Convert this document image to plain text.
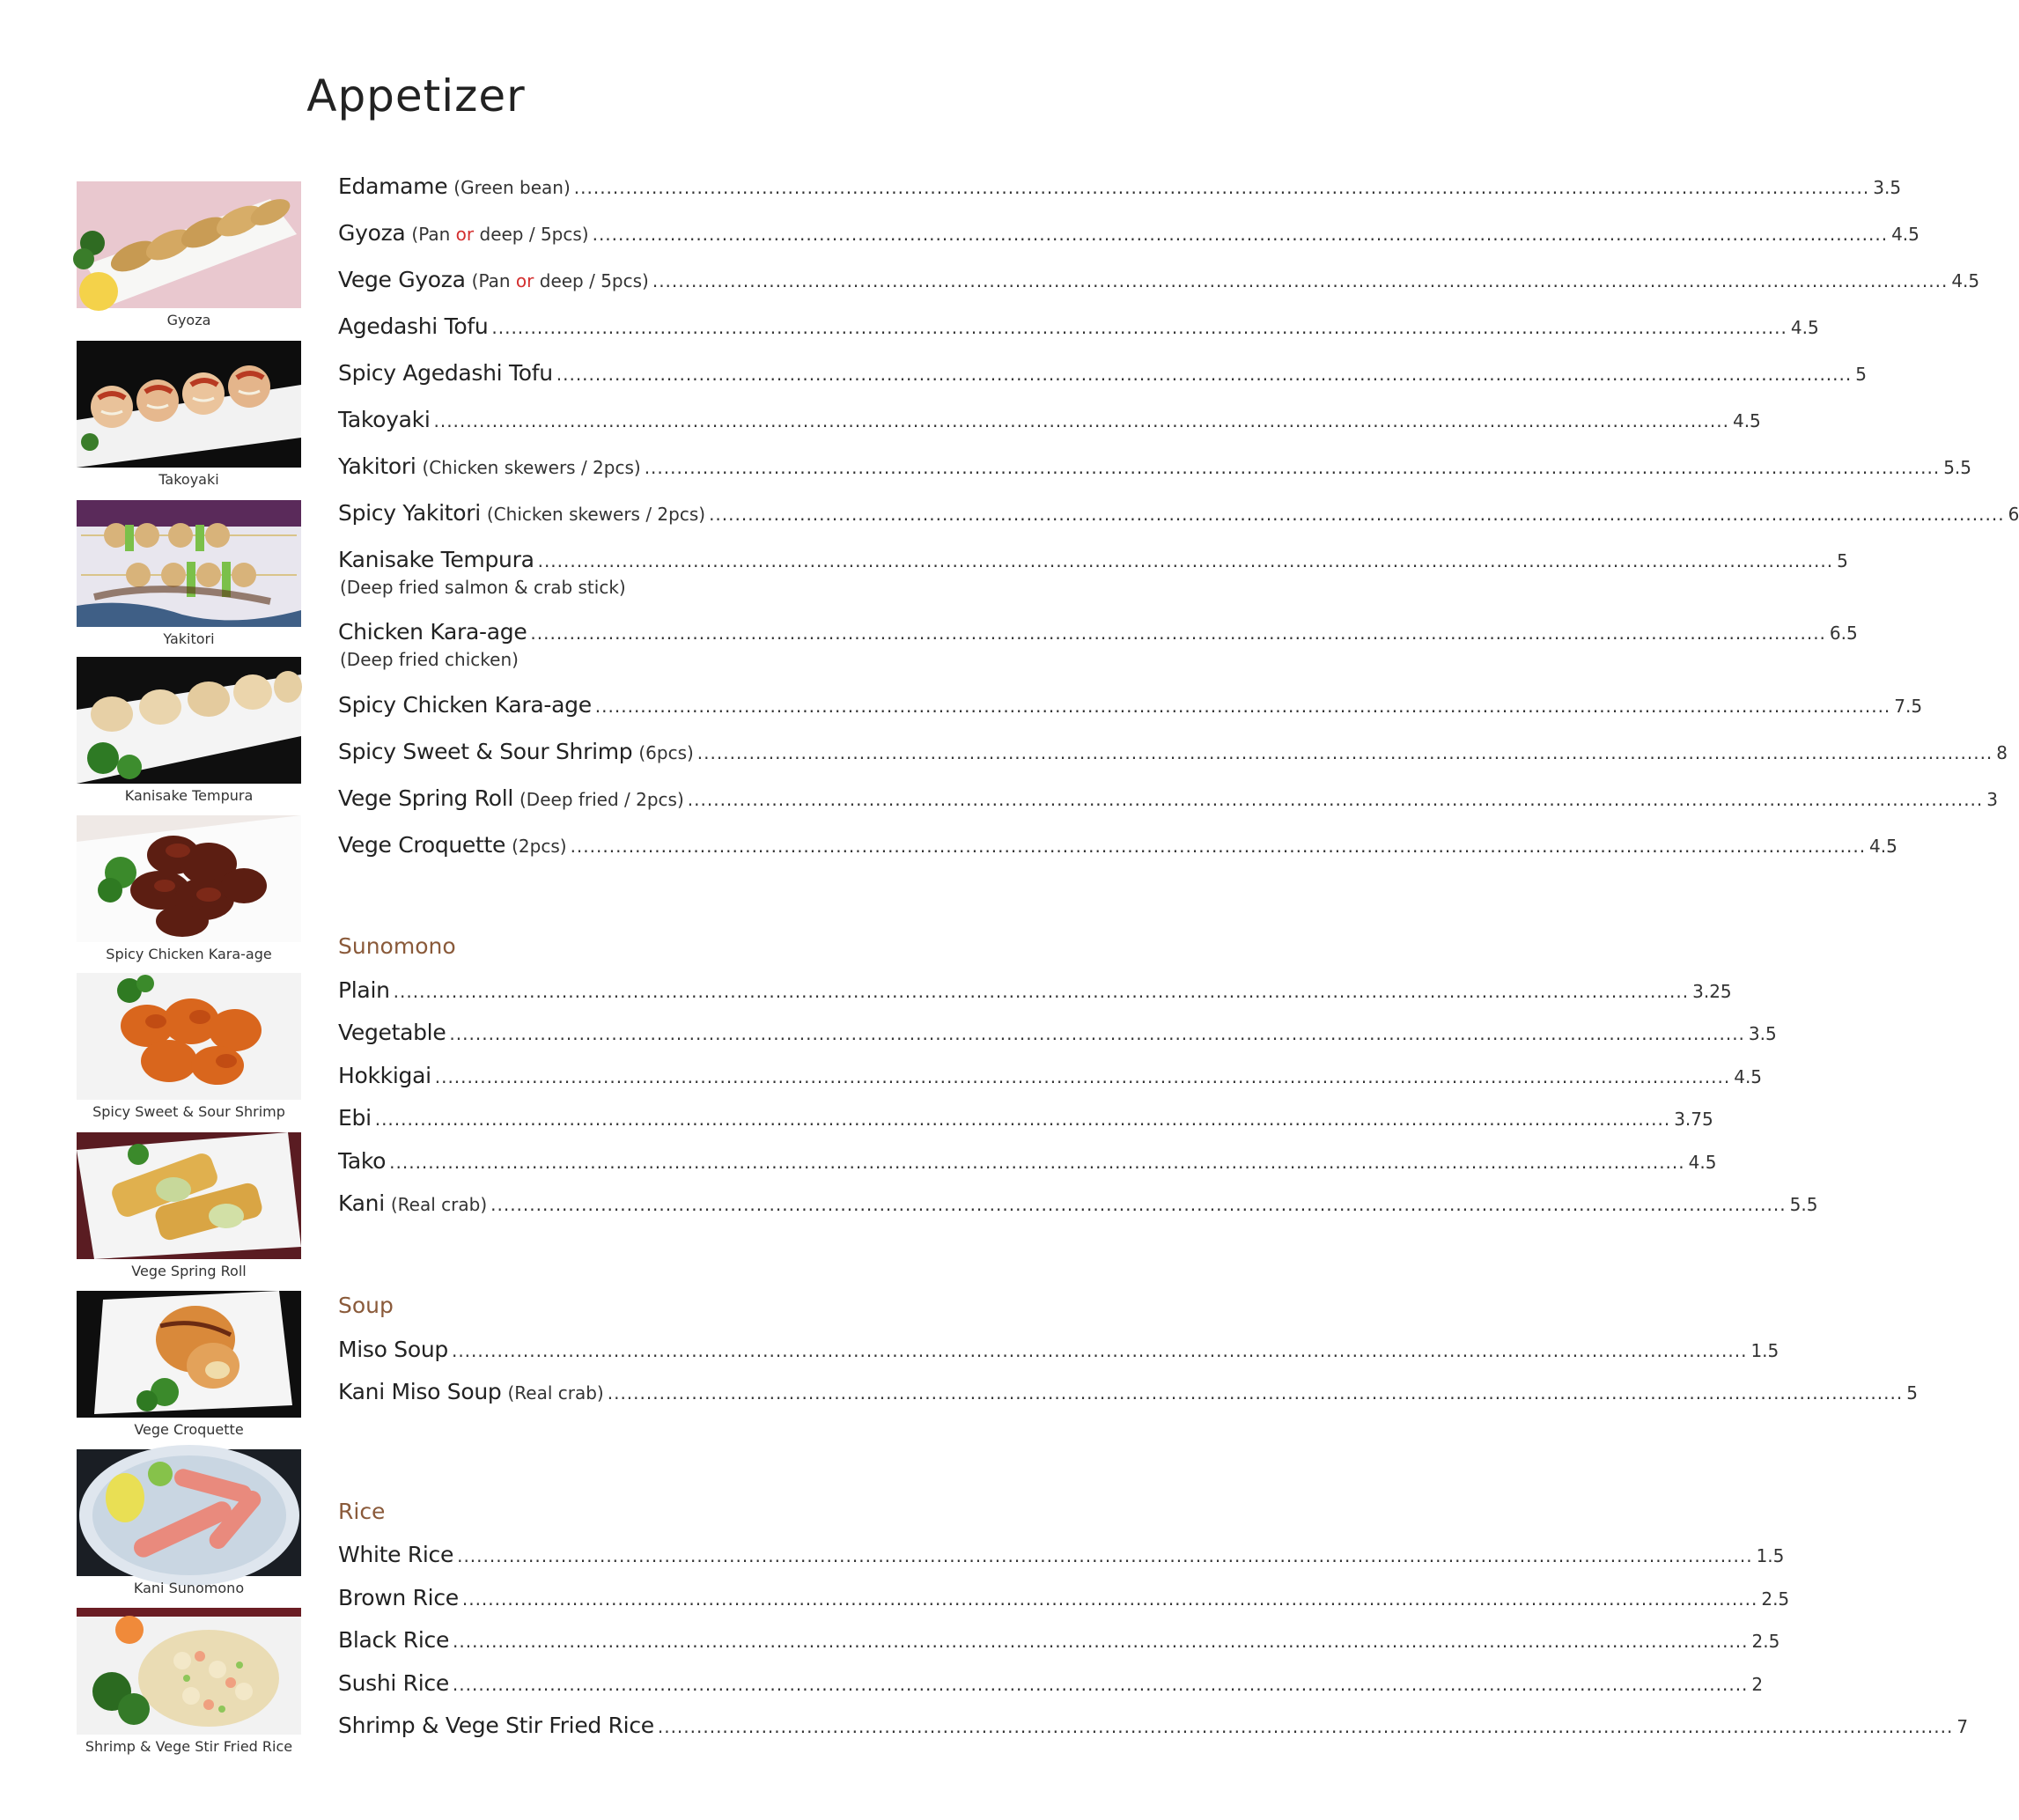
Appetizer
Gyoza
Takoyaki
Yakitori
Kanisake Tempura
Spicy Chicken Kara-age
Spicy Sweet & Sour Shrimp
Vege Spring Roll
Vege Croquette
Kani Sunomono
Shrimp & Vege Stir Fried Rice
Edamame (Green bean) ........................................................................................................................................................................................................ 3.5
Gyoza (Pan or deep / 5pcs) ........................................................................................................................................................................................................ 4.5
Vege Gyoza (Pan or deep / 5pcs) ........................................................................................................................................................................................................ 4.5
Agedashi Tofu ........................................................................................................................................................................................................ 4.5
Spicy Agedashi Tofu ........................................................................................................................................................................................................ 5
Takoyaki ........................................................................................................................................................................................................ 4.5
Yakitori (Chicken skewers / 2pcs) ........................................................................................................................................................................................................ 5.5
Spicy Yakitori (Chicken skewers / 2pcs) ........................................................................................................................................................................................................ 6
Kanisake Tempura ........................................................................................................................................................................................................ 5
(Deep fried salmon & crab stick)
Chicken Kara-age ........................................................................................................................................................................................................ 6.5
(Deep fried chicken)
Spicy Chicken Kara-age ........................................................................................................................................................................................................ 7.5
Spicy Sweet & Sour Shrimp (6pcs) ........................................................................................................................................................................................................ 8
Vege Spring Roll (Deep fried / 2pcs) ........................................................................................................................................................................................................ 3
Vege Croquette (2pcs) ........................................................................................................................................................................................................ 4.5
Sunomono
Plain ........................................................................................................................................................................................................ 3.25
Vegetable ........................................................................................................................................................................................................ 3.5
Hokkigai ........................................................................................................................................................................................................ 4.5
Ebi ........................................................................................................................................................................................................ 3.75
Tako ........................................................................................................................................................................................................ 4.5
Kani (Real crab) ........................................................................................................................................................................................................ 5.5
Soup
Miso Soup ........................................................................................................................................................................................................ 1.5
Kani Miso Soup (Real crab) ........................................................................................................................................................................................................ 5
Rice
White Rice ........................................................................................................................................................................................................ 1.5
Brown Rice ........................................................................................................................................................................................................ 2.5
Black Rice ........................................................................................................................................................................................................ 2.5
Sushi Rice ........................................................................................................................................................................................................ 2
Shrimp & Vege Stir Fried Rice ........................................................................................................................................................................................................ 7
